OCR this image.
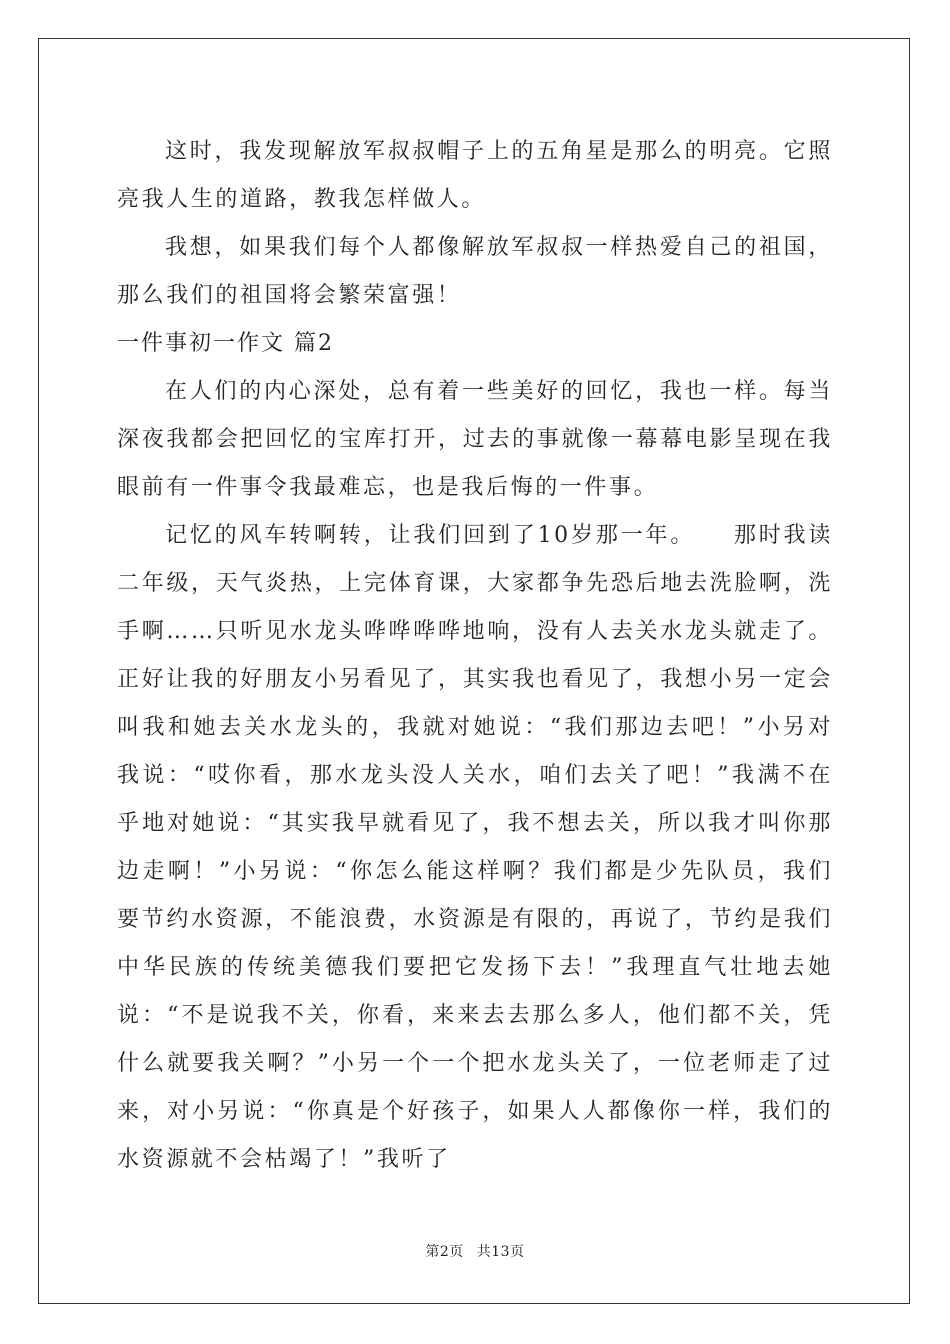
这时，我发现解放军叔叔帽子上的五角星是那么的明亮。它照亮我人生的道路，教我怎样做人。

我想，如果我们每个人都像解放军叔叔一样热爱自己的祖国，那么我们的祖国将会繁荣富强！

一件事初一作文 篇2

在人们的内心深处，总有着一些美好的回忆，我也一样。每当深夜我都会把回忆的宝库打开，过去的事就像一幕幕电影呈现在我眼前有一件事令我最难忘，也是我后悔的一件事。

记忆的风车转啊转，让我们回到了10岁那一年。　　那时我读二年级，天气炎热，上完体育课，大家都争先恐后地去洗脸啊，洗手啊……只听见水龙头哗哗哗哗地响，没有人去关水龙头就走了。正好让我的好朋友小另看见了，其实我也看见了，我想小另一定会叫我和她去关水龙头的，我就对她说：“我们那边去吧！”小另对我说：“哎你看，那水龙头没人关水，咱们去关了吧！”我满不在乎地对她说：“其实我早就看见了，我不想去关，所以我才叫你那边走啊！”小另说：“你怎么能这样啊？我们都是少先队员，我们要节约水资源，不能浪费，水资源是有限的，再说了，节约是我们中华民族的传统美德我们要把它发扬下去！”我理直气壮地去她说：“不是说我不关，你看，来来去去那么多人，他们都不关，凭什么就要我关啊？”小另一个一个把水龙头关了，一位老师走了过来，对小另说：“你真是个好孩子，如果人人都像你一样，我们的水资源就不会枯竭了！”我听了

第2页 共13页
